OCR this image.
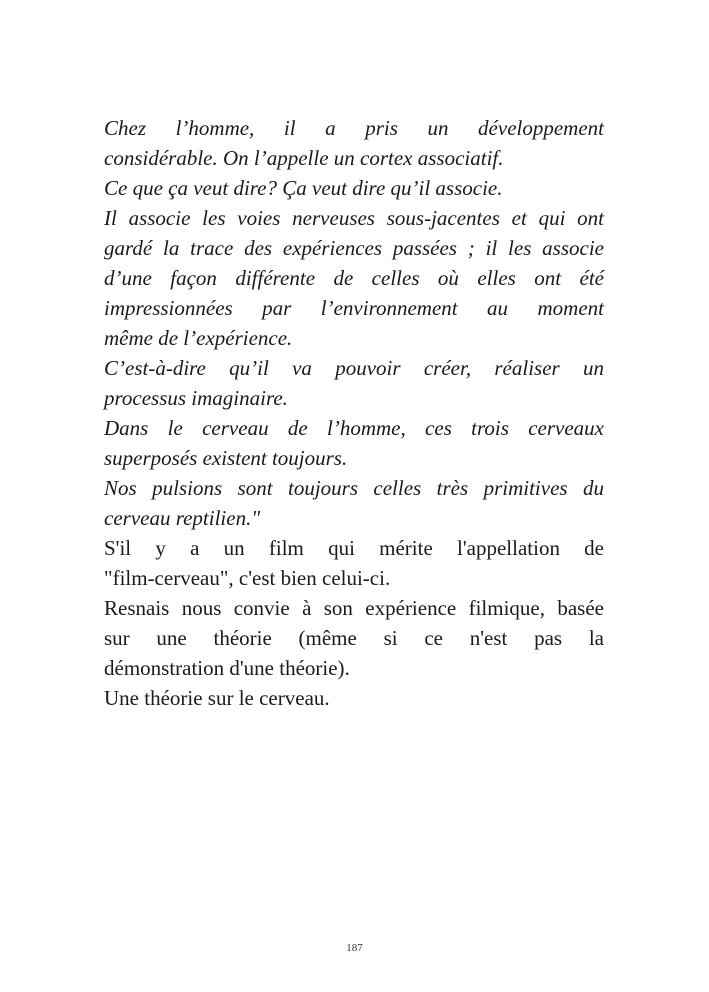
Chez l’homme, il a pris un développement
considérable. On l’appelle un cortex associatif.
Ce que ça veut dire? Ça veut dire qu’il associe.
Il associe les voies nerveuses sous-jacentes et qui ont
gardé la trace des expériences passées ; il les associe
d’une façon différente de celles où elles ont été
impressionnées par l’environnement au moment
même de l’expérience.
C’est-à-dire qu’il va pouvoir créer, réaliser un
processus imaginaire.
Dans le cerveau de l’homme, ces trois cerveaux
superposés existent toujours.
Nos pulsions sont toujours celles très primitives du
cerveau reptilien."
S'il y a un film qui mérite l'appellation de
"film-cerveau", c'est bien celui-ci.
Resnais nous convie à son expérience filmique, basée
sur une théorie (même si ce n'est pas la
démonstration d'une théorie).
Une théorie sur le cerveau.
187
